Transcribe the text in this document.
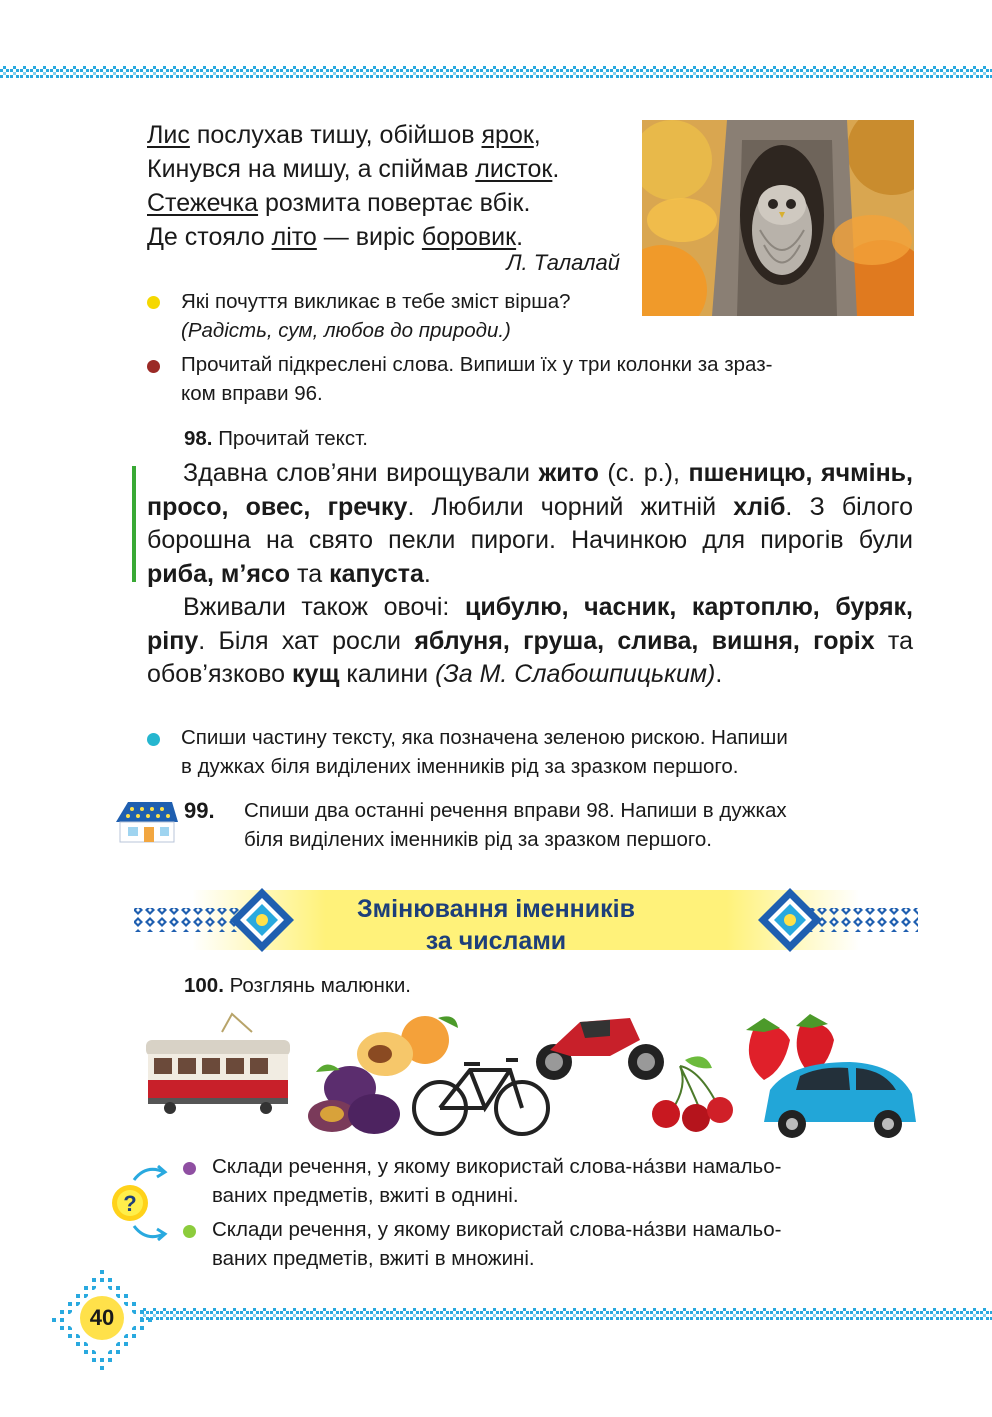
Лис послухав тишу, обійшов ярок,
Кинувся на мишу, а спіймав листок.
Стежечка розмита повертає вбік.
Де стояло літо — виріс боровик.
Л. Талалай
Які почуття викликає в тебе зміст вірша?
(Радість, сум, любов до природи.)
Прочитай підкреслені слова. Випиши їх у три колонки за зраз-
ком вправи 96.
98. Прочитай текст.

Здавна слов’яни вирощували жито (с. р.), пшеницю, ячмінь, просо, овес, гречку. Любили чорний житній хліб. З білого борошна на свято пекли пироги. Начинкою для пирогів були риба, м’ясо та капуста.

Вживали також овочі: цибулю, часник, картоплю, буряк, ріпу. Біля хат росли яблуня, груша, слива, вишня, горіх та обов’язково кущ калини (За М. Слабошпицьким).

Спиши частину тексту, яка позначена зеленою рискою. Напиши
в дужках біля виділених іменників рід за зразком першого.
99. Спиши два останні речення вправи 98. Напиши в дужках
біля виділених іменників рід за зразком першого.
Змінювання іменників
за числами
100. Розглянь малюнки.
?
Склади речення, у якому використай слова-на́зви намальо-
ваних предметів, вжиті в однині.
Склади речення, у якому використай слова-на́зви намальо-
ваних предметів, вжиті в множині.
40
